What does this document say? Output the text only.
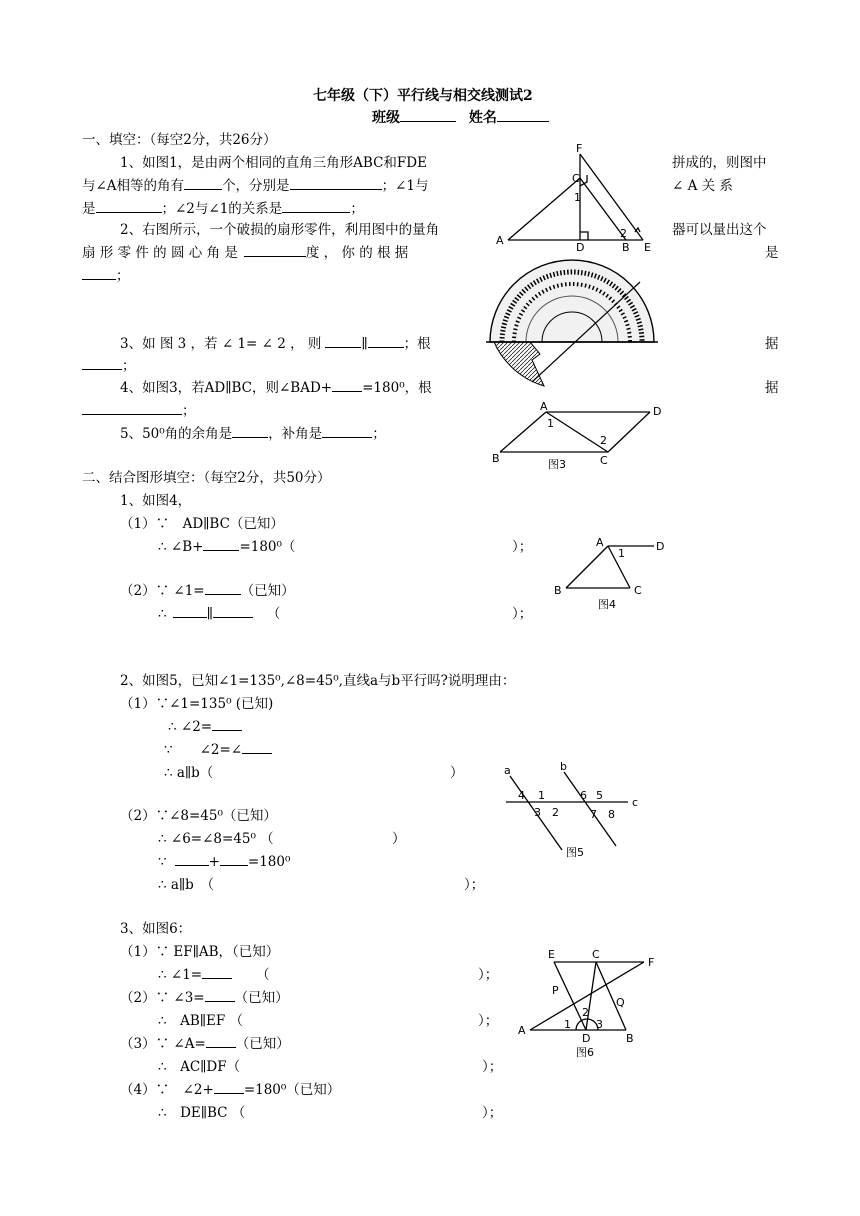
七年级（下）平行线与相交线测试2
班级	姓名
一、填空：（每空2分，共26分）
1、如图1，是由两个相同的直角三角形ABC和FDE	拼成的，则图中
与∠A相等的角有	个，分别是	；∠1与	∠ A 关 系
是	；∠2与∠1的关系是	；
2、右图所示，一个破损的扇形零件，利用图中的量角	器可以量出这个
扇 形 零 件 的 圆 心 角 是	度 ， 你 的 根 据	是
；
3、如 图 3 ，若 ∠ 1= ∠ 2 ， 则	∥	；根	据
；
4、如图3，若AD∥BC，则∠BAD+ =180⁰，根	据
；
5、50⁰角的余角是	，补角是	；
二、结合图形填空：（每空2分，共50分）
1、如图4，
（1）∵　AD∥BC（已知）
∴ ∠B+	=180⁰（	）；
（2）∵ ∠1=	（已知）
∴	∥	（	）；
2、如图5，已知∠1=135⁰,∠8=45⁰,直线a与b平行吗?说明理由：
（1）∵∠1=135⁰ (已知)
∴ ∠2=
∵　　∠2=∠
∴ a∥b（	）
（2）∵∠8=45⁰（已知）
∴ ∠6=∠8=45⁰ （	）
∵	+ =180⁰
∴ a∥b　（	）；
3、如图6：
（1）∵ EF∥AB，（已知）
∴ ∠1=	（	）；
（2）∵ ∠3= （已知）
∴　AB∥EF （	）；
（3）∵ ∠A= （已知）
∴　AC∥DF（	）；
（4）∵　∠2+ =180⁰（已知）
∴　DE∥BC （	）；
F
C
1
A
D
2
B E
A	D
1
2
B	C
图3
A
1
D
B	C
图4
a	b
c
4 1
3 2
6 5
7 8
图5
E	C
F
P
Q
2
1 3
A
D	B
图6
